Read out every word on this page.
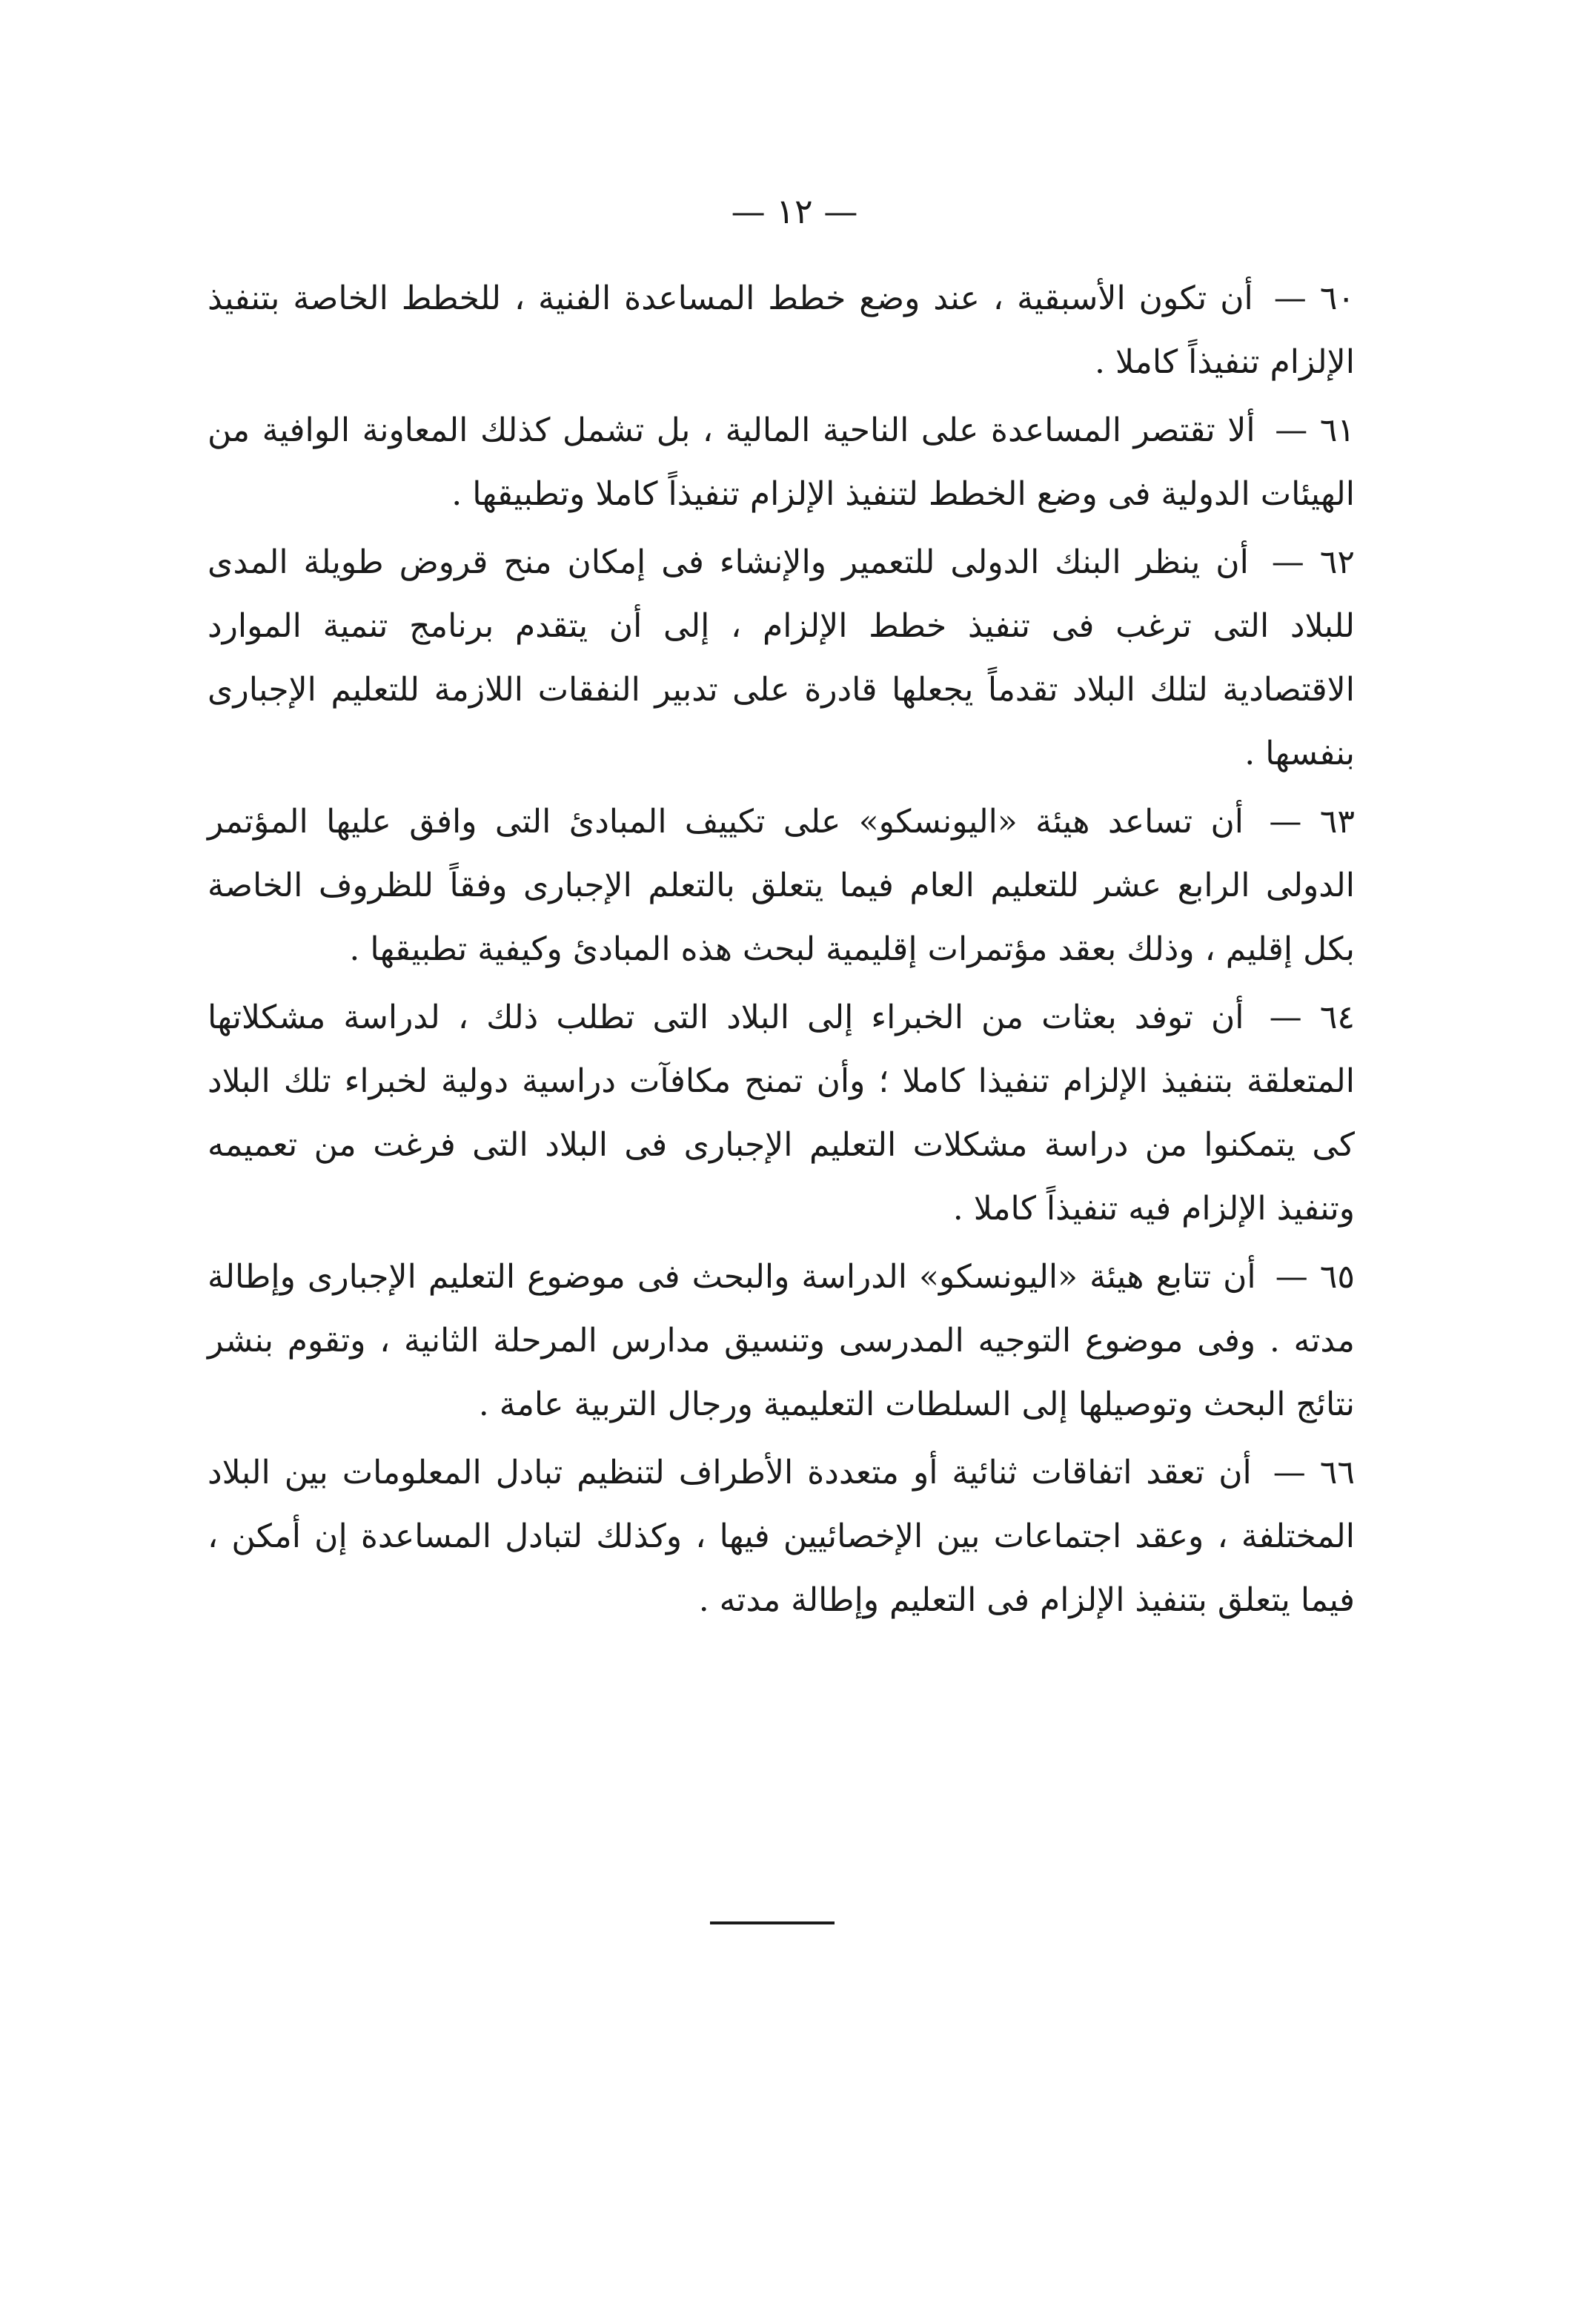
— ١٢ —

٦٠ — أن تكون الأسبقية ، عند وضع خطط المساعدة الفنية ، للخطط الخاصة بتنفيذ الإلزام تنفيذاً كاملا .

٦١ — ألا تقتصر المساعدة على الناحية المالية ، بل تشمل كذلك المعاونة الوافية من الهيئات الدولية فى وضع الخطط لتنفيذ الإلزام تنفيذاً كاملا وتطبيقها .

٦٢ — أن ينظر البنك الدولى للتعمير والإنشاء فى إمكان منح قروض طويلة المدى للبلاد التى ترغب فى تنفيذ خطط الإلزام ، إلى أن يتقدم برنامج تنمية الموارد الاقتصادية لتلك البلاد تقدماً يجعلها قادرة على تدبير النفقات اللازمة للتعليم الإجبارى بنفسها .

٦٣ — أن تساعد هيئة «اليونسكو» على تكييف المبادئ التى وافق عليها المؤتمر الدولى الرابع عشر للتعليم العام فيما يتعلق بالتعلم الإجبارى وفقاً للظروف الخاصة بكل إقليم ، وذلك بعقد مؤتمرات إقليمية لبحث هذه المبادئ وكيفية تطبيقها .

٦٤ — أن توفد بعثات من الخبراء إلى البلاد التى تطلب ذلك ، لدراسة مشكلاتها المتعلقة بتنفيذ الإلزام تنفيذا كاملا ؛ وأن تمنح مكافآت دراسية دولية لخبراء تلك البلاد كى يتمكنوا من دراسة مشكلات التعليم الإجبارى فى البلاد التى فرغت من تعميمه وتنفيذ الإلزام فيه تنفيذاً كاملا .

٦٥ — أن تتابع هيئة «اليونسكو» الدراسة والبحث فى موضوع التعليم الإجبارى وإطالة مدته . وفى موضوع التوجيه المدرسى وتنسيق مدارس المرحلة الثانية ، وتقوم بنشر نتائج البحث وتوصيلها إلى السلطات التعليمية ورجال التربية عامة .

٦٦ — أن تعقد اتفاقات ثنائية أو متعددة الأطراف لتنظيم تبادل المعلومات بين البلاد المختلفة ، وعقد اجتماعات بين الإخصائيين فيها ، وكذلك لتبادل المساعدة إن أمكن ، فيما يتعلق بتنفيذ الإلزام فى التعليم وإطالة مدته .
